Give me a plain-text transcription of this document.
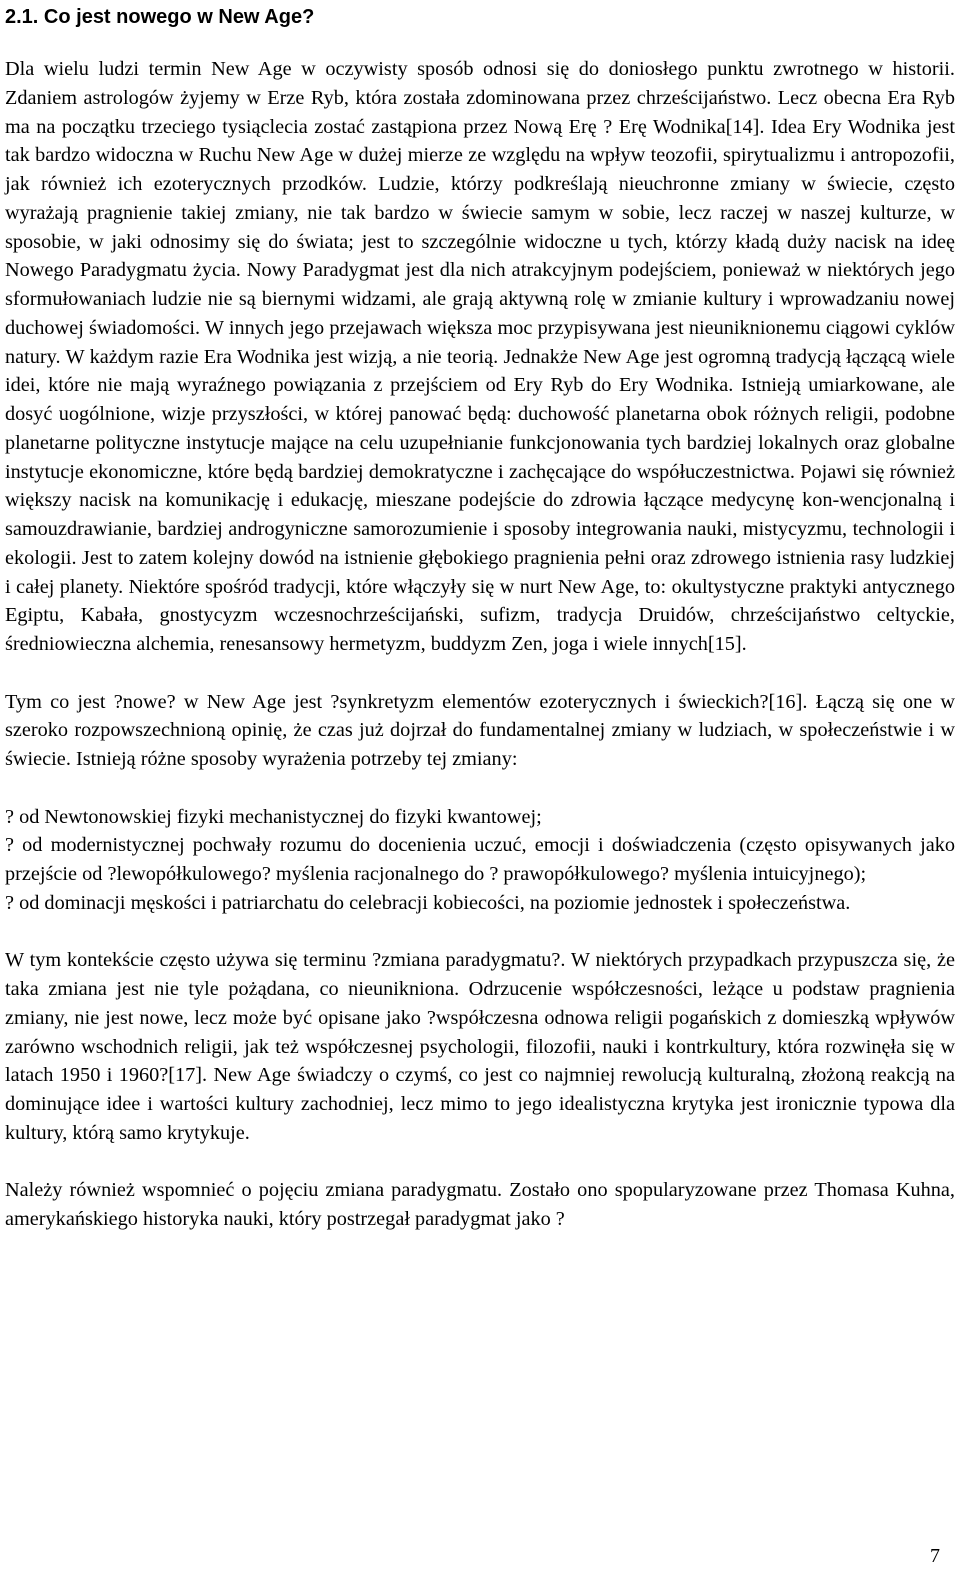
2.1. Co jest nowego w New Age?

Dla wielu ludzi termin New Age w oczywisty sposób odnosi się do doniosłego punktu zwrotnego w historii. Zdaniem astrologów żyjemy w Erze Ryb, która została zdominowana przez chrześcijaństwo. Lecz obecna Era Ryb ma na początku trzeciego tysiąclecia zostać zastąpiona przez Nową Erę ? Erę Wodnika[14]. Idea Ery Wodnika jest tak bardzo widoczna w Ruchu New Age w dużej mierze ze względu na wpływ teozofii, spirytualizmu i antropozofii, jak również ich ezoterycznych przodków. Ludzie, którzy podkreślają nieuchronne zmiany w świecie, często wyrażają pragnienie takiej zmiany, nie tak bardzo w świecie samym w sobie, lecz raczej w naszej kulturze, w sposobie, w jaki odnosimy się do świata; jest to szczególnie widoczne u tych, którzy kładą duży nacisk na ideę Nowego Paradygmatu życia. Nowy Paradygmat jest dla nich atrakcyjnym podejściem, ponieważ w niektórych jego sformułowaniach ludzie nie są biernymi widzami, ale grają aktywną rolę w zmianie kultury i wprowadzaniu nowej duchowej świadomości. W innych jego przejawach większa moc przypisywana jest nieuniknionemu ciągowi cyklów natury. W każdym razie Era Wodnika jest wizją, a nie teorią. Jednakże New Age jest ogromną tradycją łączącą wiele idei, które nie mają wyraźnego powiązania z przejściem od Ery Ryb do Ery Wodnika. Istnieją umiarkowane, ale dosyć uogólnione, wizje przyszłości, w której panować będą: duchowość planetarna obok różnych religii, podobne planetarne polityczne instytucje mające na celu uzupełnianie funkcjonowania tych bardziej lokalnych oraz globalne instytucje ekonomiczne, które będą bardziej demokratyczne i zachęcające do współuczestnictwa. Pojawi się również większy nacisk na komunikację i edukację, mieszane podejście do zdrowia łączące medycynę kon-wencjonalną i samouzdrawianie, bardziej androgyniczne samorozumienie i sposoby integrowania nauki, mistycyzmu, technologii i ekologii. Jest to zatem kolejny dowód na istnienie głębokiego pragnienia pełni oraz zdrowego istnienia rasy ludzkiej i całej planety. Niektóre spośród tradycji, które włączyły się w nurt New Age, to: okultystyczne praktyki antycznego Egiptu, Kabała, gnostycyzm wczesnochrześcijański, sufizm, tradycja Druidów, chrześcijaństwo celtyckie, średniowieczna alchemia, renesansowy hermetyzm, buddyzm Zen, joga i wiele innych[15].

Tym co jest ?nowe? w New Age jest ?synkretyzm elementów ezoterycznych i świeckich?[16]. Łączą się one w szeroko rozpowszechnioną opinię, że czas już dojrzał do fundamentalnej zmiany w ludziach, w społeczeństwie i w świecie. Istnieją różne sposoby wyrażenia potrzeby tej zmiany:

? od Newtonowskiej fizyki mechanistycznej do fizyki kwantowej;

? od modernistycznej pochwały rozumu do docenienia uczuć, emocji i doświadczenia (często opisywanych jako przejście od ?lewopółkulowego? myślenia racjonalnego do ? prawopółkulowego? myślenia intuicyjnego);

? od dominacji męskości i patriarchatu do celebracji kobiecości, na poziomie jednostek i społeczeństwa.

W tym kontekście często używa się terminu ?zmiana paradygmatu?. W niektórych przypadkach przypuszcza się, że taka zmiana jest nie tyle pożądana, co nieunikniona. Odrzucenie współczesności, leżące u podstaw pragnienia zmiany, nie jest nowe, lecz może być opisane jako ?współczesna odnowa religii pogańskich z domieszką wpływów zarówno wschodnich religii, jak też współczesnej psychologii, filozofii, nauki i kontrkultury, która rozwinęła się w latach 1950 i 1960?[17]. New Age świadczy o czymś, co jest co najmniej rewolucją kulturalną, złożoną reakcją na dominujące idee i wartości kultury zachodniej, lecz mimo to jego idealistyczna krytyka jest ironicznie typowa dla kultury, którą samo krytykuje.

Należy również wspomnieć o pojęciu zmiana paradygmatu. Zostało ono spopularyzowane przez Thomasa Kuhna, amerykańskiego historyka nauki, który postrzegał paradygmat jako ?

7
